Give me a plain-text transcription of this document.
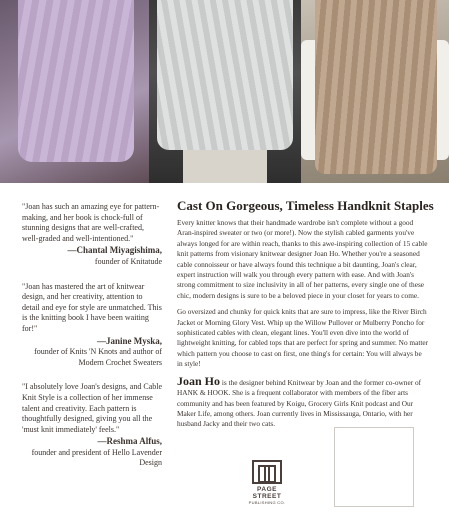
"Joan has such an amazing eye for pattern-making, and her book is chock-full of stunning designs that are well-crafted, well-graded and well-intentioned."

—Chantal Miyagishima,
founder of Knitatude

"Joan has mastered the art of knitwear design, and her creativity, attention to detail and eye for style are unmatched. This is the knitting book I have been waiting for!"

—Janine Myska,
founder of Knits 'N Knots and author of Modern Crochet Sweaters

"I absolutely love Joan's designs, and Cable Knit Style is a collection of her immense talent and creativity. Each pattern is thoughtfully designed, giving you all the 'must knit immediately' feels."

—Reshma Alfus,
founder and president of Hello Lavender Design

Cast On Gorgeous, Timeless Handknit Staples

Every knitter knows that their handmade wardrobe isn't complete without a good Aran-inspired sweater or two (or more!). Now the stylish cabled garments you've always longed for are within reach, thanks to this awe-inspiring collection of 15 cable knit patterns from visionary knitwear designer Joan Ho. Whether you're a seasoned cable connoisseur or have always found this technique a bit daunting, Joan's clear, expert instruction will walk you through every pattern with ease. And with Joan's strong commitment to size inclusivity in all of her patterns, every single one of these chic, modern designs is sure to be a beloved piece in your closet for years to come.

Go oversized and chunky for quick knits that are sure to impress, like the River Birch Jacket or Morning Glory Vest. Whip up the Willow Pullover or Mulberry Poncho for sophisticated cables with clean, elegant lines. You'll even dive into the world of lightweight knitting, for cabled tops that are perfect for spring and summer. No matter which pattern you choose to cast on first, one thing's for certain: You will always be in style!

Joan Ho is the designer behind Knitwear by Joan and the former co-owner of HANK & HOOK. She is a frequent collaborator with members of the fiber arts community and has been featured by Koigu, Grocery Girls Knit podcast and Our Maker Life, among others. Joan currently lives in Mississauga, Ontario, with her husband Jacky and their two cats.

PAGE STREET
PUBLISHING CO.
